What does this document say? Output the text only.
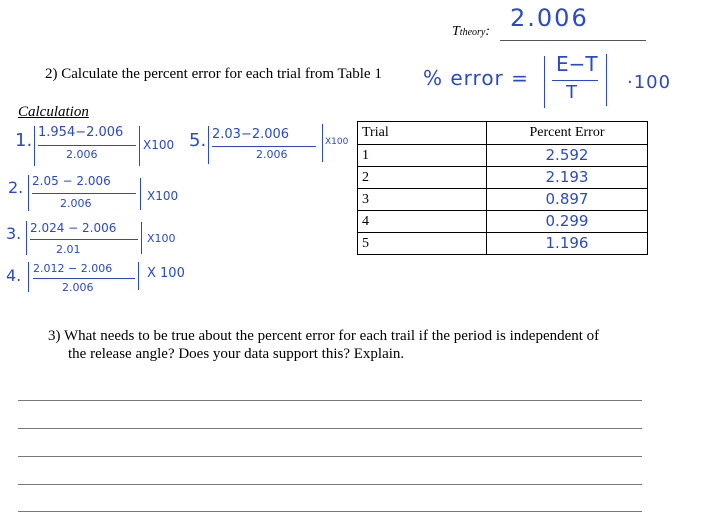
Ttheory: 2.006
2) Calculate the percent error for each trial from Table 1 % error =
E−T
T	·100
Calculation
1. 1.954−2.006
2.006
X100 5. 2.03−2.006
2.006
X100
2. 2.05 − 2.006
2.006
X100
3. 2.024 − 2.006
2.01
X100
4. 2.012 − 2.006
2.006
X 100
Trial	Percent Error
1	2.592
2	2.193
3	0.897
4	0.299
5	1.196
3) What needs to be true about the percent error for each trail if the period is independent of
the release angle? Does your data support this? Explain.
